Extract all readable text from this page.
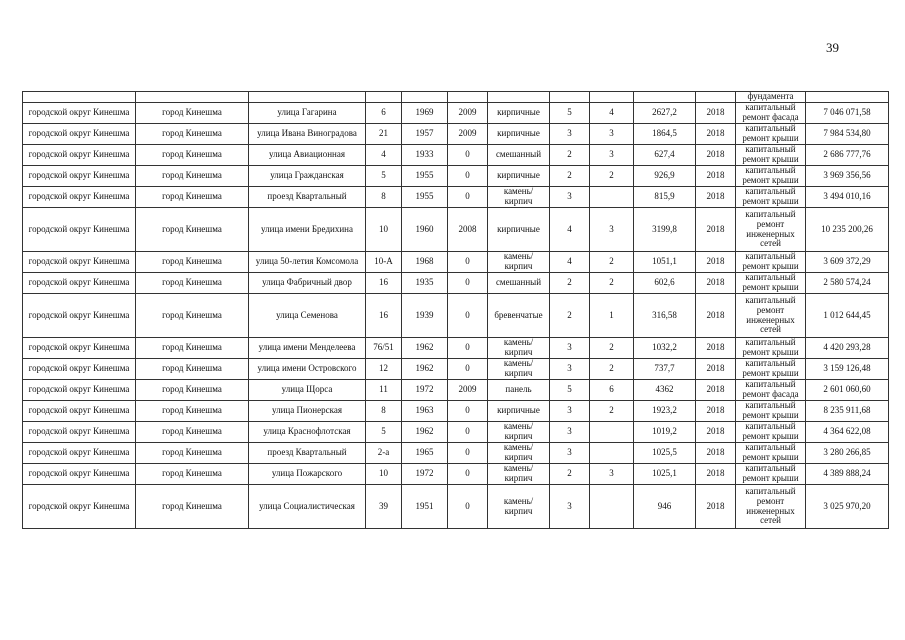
39
											фундамента	
городской округ Кинешма	город Кинешма	улица Гагарина	6	1969	2009	кирпичные	5	4	2627,2	2018	капитальный ремонт фасада	7 046 071,58
городской округ Кинешма	город Кинешма	улица Ивана Виноградова	21	1957	2009	кирпичные	3	3	1864,5	2018	капитальный ремонт крыши	7 984 534,80
городской округ Кинешма	город Кинешма	улица Авиационная	4	1933	0	смешанный	2	3	627,4	2018	капитальный ремонт крыши	2 686 777,76
городской округ Кинешма	город Кинешма	улица Гражданская	5	1955	0	кирпичные	2	2	926,9	2018	капитальный ремонт крыши	3 969 356,56
городской округ Кинешма	город Кинешма	проезд Квартальный	8	1955	0	камень/кирпич	3		815,9	2018	капитальный ремонт крыши	3 494 010,16
городской округ Кинешма	город Кинешма	улица имени Бредихина	10	1960	2008	кирпичные	4	3	3199,8	2018	капитальный ремонт инженерных сетей	10 235 200,26
городской округ Кинешма	город Кинешма	улица 50-летия Комсомола	10-А	1968	0	камень/кирпич	4	2	1051,1	2018	капитальный ремонт крыши	3 609 372,29
городской округ Кинешма	город Кинешма	улица Фабричный двор	16	1935	0	смешанный	2	2	602,6	2018	капитальный ремонт крыши	2 580 574,24
городской округ Кинешма	город Кинешма	улица Семенова	16	1939	0	бревенчатые	2	1	316,58	2018	капитальный ремонт инженерных сетей	1 012 644,45
городской округ Кинешма	город Кинешма	улица имени Менделеева	76/51	1962	0	камень/кирпич	3	2	1032,2	2018	капитальный ремонт крыши	4 420 293,28
городской округ Кинешма	город Кинешма	улица имени Островского	12	1962	0	камень/кирпич	3	2	737,7	2018	капитальный ремонт крыши	3 159 126,48
городской округ Кинешма	город Кинешма	улица Щорса	11	1972	2009	панель	5	6	4362	2018	капитальный ремонт фасада	2 601 060,60
городской округ Кинешма	город Кинешма	улица Пионерская	8	1963	0	кирпичные	3	2	1923,2	2018	капитальный ремонт крыши	8 235 911,68
городской округ Кинешма	город Кинешма	улица Краснофлотская	5	1962	0	камень/кирпич	3		1019,2	2018	капитальный ремонт крыши	4 364 622,08
городской округ Кинешма	город Кинешма	проезд Квартальный	2-а	1965	0	камень/кирпич	3		1025,5	2018	капитальный ремонт крыши	3 280 266,85
городской округ Кинешма	город Кинешма	улица Пожарского	10	1972	0	камень/кирпич	2	3	1025,1	2018	капитальный ремонт крыши	4 389 888,24
городской округ Кинешма	город Кинешма	улица Социалистическая	39	1951	0	камень/кирпич	3		946	2018	капитальный ремонт инженерных сетей	3 025 970,20
